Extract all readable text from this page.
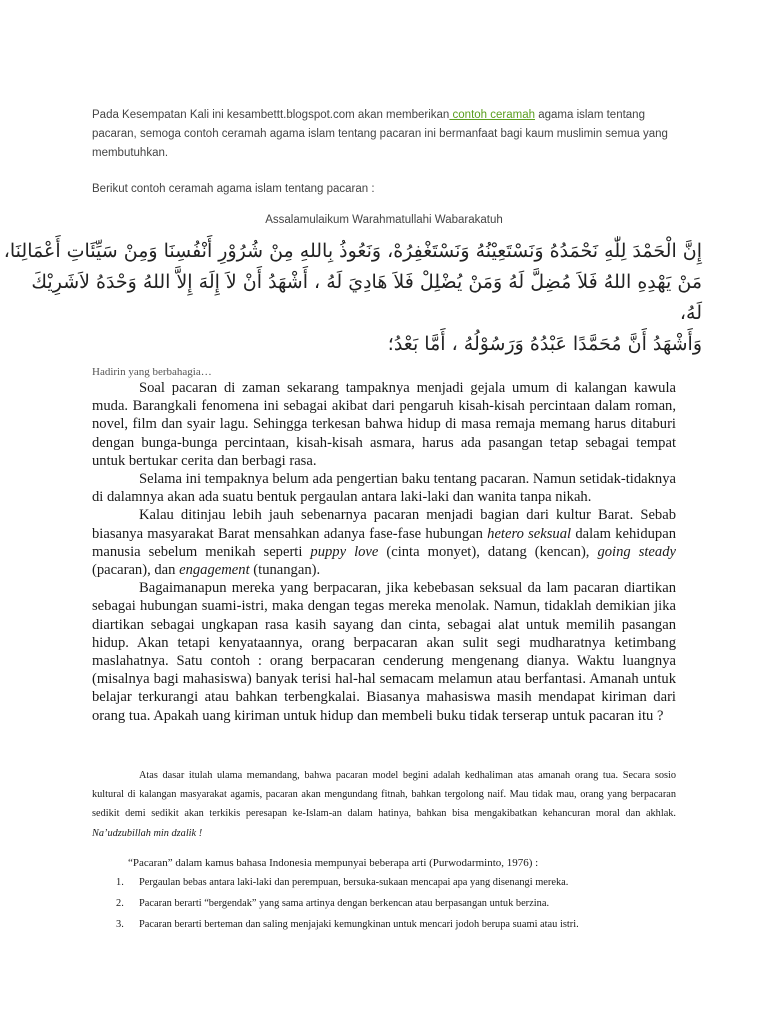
Pada Kesempatan Kali ini kesambettt.blogspot.com akan memberikan contoh ceramah agama islam tentang pacaran, semoga contoh ceramah agama islam tentang pacaran ini bermanfaat bagi kaum muslimin semua yang membutuhkan.
Berikut contoh ceramah agama islam tentang pacaran :
Assalamulaikum Warahmatullahi Wabarakatuh
إِنَّ الْحَمْدَ لِلّٰهِ نَحْمَدُهُ وَنَسْتَعِيْنُهُ وَنَسْتَغْفِرُهْ، وَنَعُوذُ بِاللهِ مِنْ شُرُوْرِ أَنْفُسِنَا وَمِنْ سَيِّئَاتِ أَعْمَالِنَا،
مَنْ يَهْدِهِ اللهُ فَلاَ مُضِلَّ لَهُ وَمَنْ يُضْلِلْ فَلاَ هَادِيَ لَهُ ، أَشْهَدُ أَنْ لاَ إِلَهَ إِلاَّ اللهُ وَحْدَهُ لاَشَرِيْكَ
لَهُ،
وَأَشْهَدُ أَنَّ مُحَمَّدًا عَبْدُهُ وَرَسُوْلُهُ ، أَمَّا بَعْدُ؛
Hadirin yang berbahagia…

Soal pacaran di zaman sekarang tampaknya menjadi gejala umum di kalangan kawula muda. Barangkali fenomena ini sebagai akibat dari pengaruh kisah-kisah percintaan dalam roman, novel, film dan syair lagu. Sehingga terkesan bahwa hidup di masa remaja memang harus ditaburi dengan bunga-bunga percintaan, kisah-kisah asmara, harus ada pasangan tetap sebagai tempat untuk bertukar cerita dan berbagi rasa.

Selama ini tempaknya belum ada pengertian baku tentang pacaran. Namun setidak-tidaknya di dalamnya akan ada suatu bentuk pergaulan antara laki-laki dan wanita tanpa nikah.

Kalau ditinjau lebih jauh sebenarnya pacaran menjadi bagian dari kultur Barat. Sebab biasanya masyarakat Barat mensahkan adanya fase-fase hubungan hetero seksual dalam kehidupan manusia sebelum menikah seperti puppy love (cinta monyet), datang (kencan), going steady (pacaran), dan engagement (tunangan).

Bagaimanapun mereka yang berpacaran, jika kebebasan seksual da lam pacaran diartikan sebagai hubungan suami-istri, maka dengan tegas mereka menolak. Namun, tidaklah demikian jika diartikan sebagai ungkapan rasa kasih sayang dan cinta, sebagai alat untuk memilih pasangan hidup. Akan tetapi kenyataannya, orang berpacaran akan sulit segi mudharatnya ketimbang maslahatnya. Satu contoh : orang berpacaran cenderung mengenang dianya. Waktu luangnya (misalnya bagi mahasiswa) banyak terisi hal-hal semacam melamun atau berfantasi. Amanah untuk belajar terkurangi atau bahkan terbengkalai. Biasanya mahasiswa masih mendapat kiriman dari orang tua. Apakah uang kiriman untuk hidup dan membeli buku tidak terserap untuk pacaran itu ?

Atas dasar itulah ulama memandang, bahwa pacaran model begini adalah kedhaliman atas amanah orang tua. Secara sosio kultural di kalangan masyarakat agamis, pacaran akan mengundang fitnah, bahkan tergolong naif. Mau tidak mau, orang yang berpacaran sedikit demi sedikit akan terkikis peresapan ke-Islam-an dalam hatinya, bahkan bisa mengakibatkan kehancuran moral dan akhlak. Na’udzubillah min dzalik !

“Pacaran” dalam kamus bahasa Indonesia mempunyai beberapa arti (Purwodarminto, 1976) :
1. Pergaulan bebas antara laki-laki dan perempuan, bersuka-sukaan mencapai apa yang disenangi mereka.
2. Pacaran berarti “bergendak” yang sama artinya dengan berkencan atau berpasangan untuk berzina.
3. Pacaran berarti berteman dan saling menjajaki kemungkinan untuk mencari jodoh berupa suami atau istri.
